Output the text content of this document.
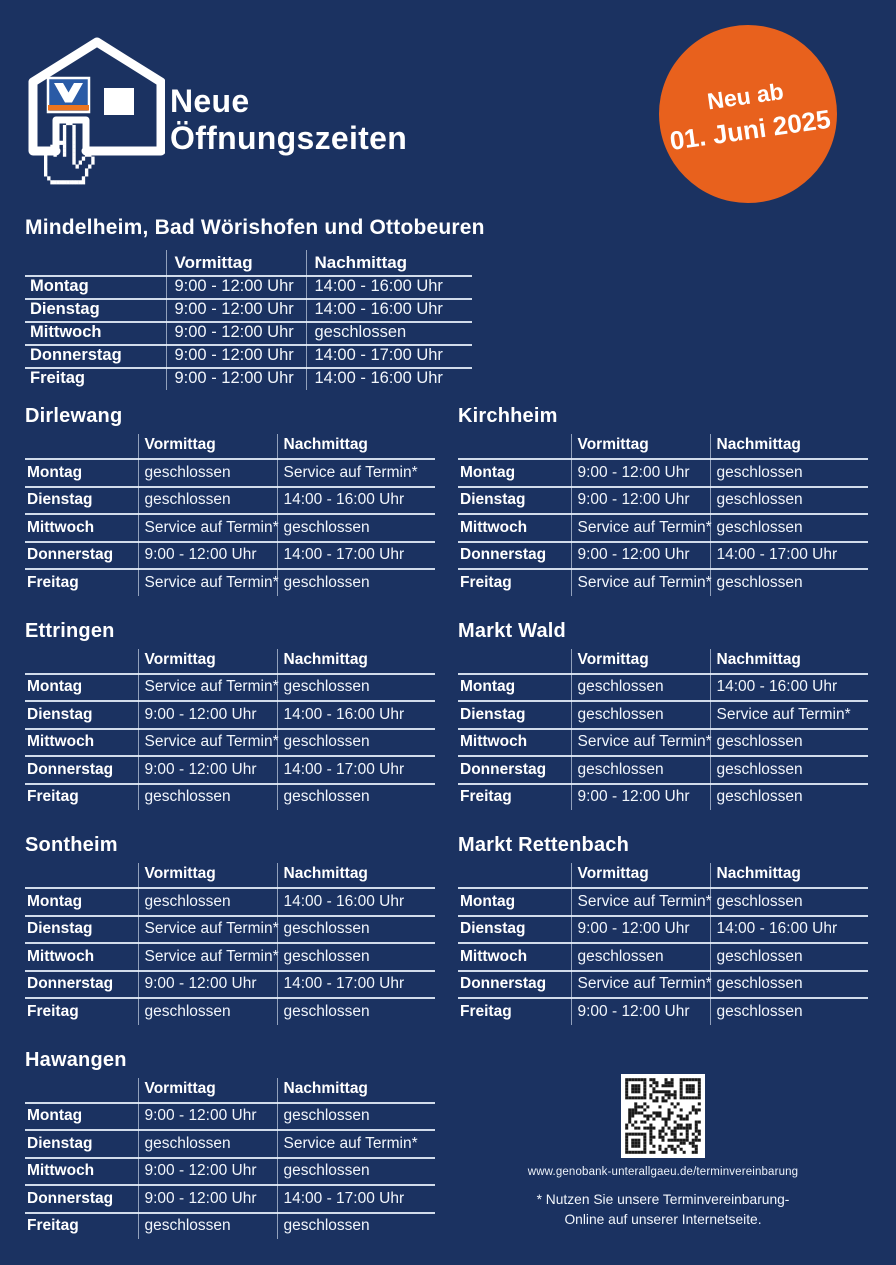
Neue
Öffnungszeiten
Neu ab
01. Juni 2025
Mindelheim, Bad Wörishofen und Ottobeuren
	Vormittag	Nachmittag
Montag	9:00 - 12:00 Uhr	14:00 - 16:00 Uhr
Dienstag	9:00 - 12:00 Uhr	14:00 - 16:00 Uhr
Mittwoch	9:00 - 12:00 Uhr	geschlossen
Donnerstag	9:00 - 12:00 Uhr	14:00 - 17:00 Uhr
Freitag	9:00 - 12:00 Uhr	14:00 - 16:00 Uhr
Dirlewang
	Vormittag	Nachmittag
Montag	geschlossen	Service auf Termin*
Dienstag	geschlossen	14:00 - 16:00 Uhr
Mittwoch	Service auf Termin*	geschlossen
Donnerstag	9:00 - 12:00 Uhr	14:00 - 17:00 Uhr
Freitag	Service auf Termin*	geschlossen
Kirchheim
	Vormittag	Nachmittag
Montag	9:00 - 12:00 Uhr	geschlossen
Dienstag	9:00 - 12:00 Uhr	geschlossen
Mittwoch	Service auf Termin*	geschlossen
Donnerstag	9:00 - 12:00 Uhr	14:00 - 17:00 Uhr
Freitag	Service auf Termin*	geschlossen
Ettringen
	Vormittag	Nachmittag
Montag	Service auf Termin*	geschlossen
Dienstag	9:00 - 12:00 Uhr	14:00 - 16:00 Uhr
Mittwoch	Service auf Termin*	geschlossen
Donnerstag	9:00 - 12:00 Uhr	14:00 - 17:00 Uhr
Freitag	geschlossen	geschlossen
Markt Wald
	Vormittag	Nachmittag
Montag	geschlossen	14:00 - 16:00 Uhr
Dienstag	geschlossen	Service auf Termin*
Mittwoch	Service auf Termin*	geschlossen
Donnerstag	geschlossen	geschlossen
Freitag	9:00 - 12:00 Uhr	geschlossen
Sontheim
	Vormittag	Nachmittag
Montag	geschlossen	14:00 - 16:00 Uhr
Dienstag	Service auf Termin*	geschlossen
Mittwoch	Service auf Termin*	geschlossen
Donnerstag	9:00 - 12:00 Uhr	14:00 - 17:00 Uhr
Freitag	geschlossen	geschlossen
Markt Rettenbach
	Vormittag	Nachmittag
Montag	Service auf Termin*	geschlossen
Dienstag	9:00 - 12:00 Uhr	14:00 - 16:00 Uhr
Mittwoch	geschlossen	geschlossen
Donnerstag	Service auf Termin*	geschlossen
Freitag	9:00 - 12:00 Uhr	geschlossen
Hawangen
	Vormittag	Nachmittag
Montag	9:00 - 12:00 Uhr	geschlossen
Dienstag	geschlossen	Service auf Termin*
Mittwoch	9:00 - 12:00 Uhr	geschlossen
Donnerstag	9:00 - 12:00 Uhr	14:00 - 17:00 Uhr
Freitag	geschlossen	geschlossen
www.genobank-unterallgaeu.de/terminvereinbarung
* Nutzen Sie unsere Terminvereinbarung-
Online auf unserer Internetseite.
